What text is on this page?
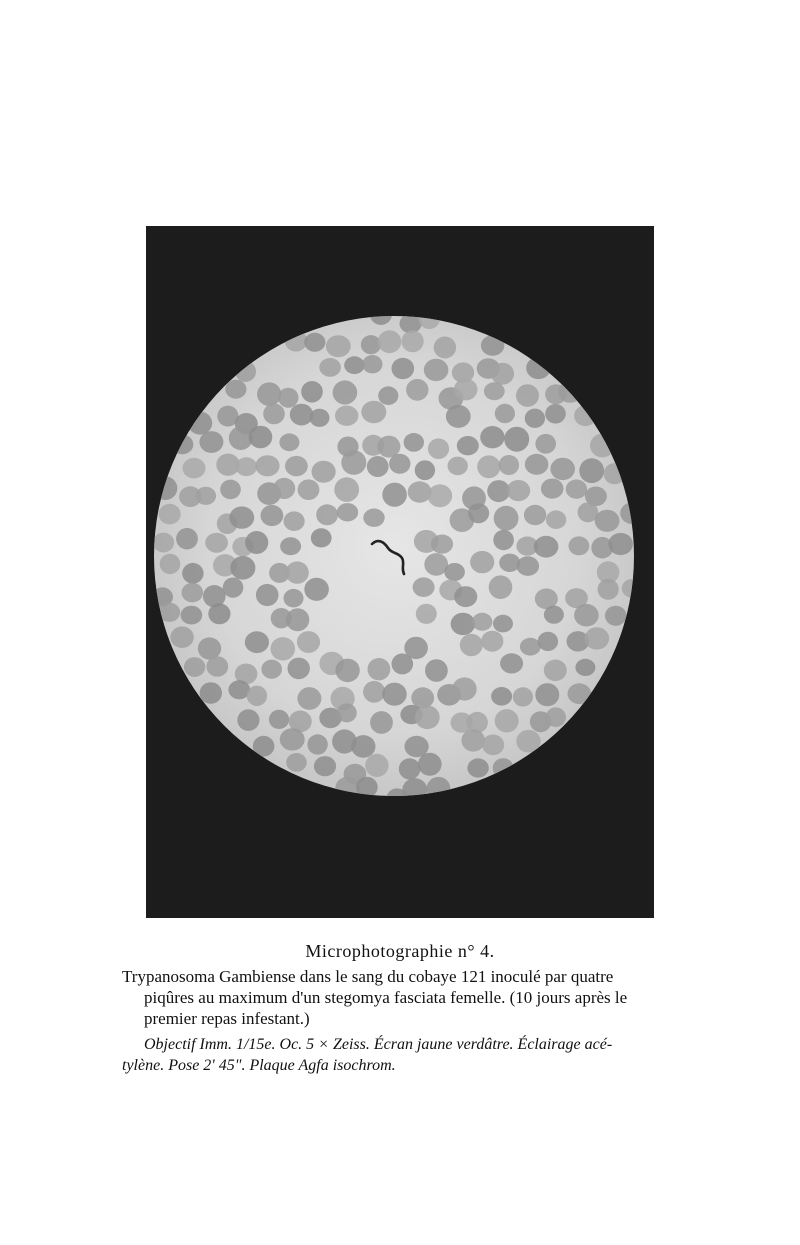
Microphotographie n° 4.
Trypanosoma Gambiense dans le sang du cobaye 121 inoculé par quatre
piqûres au maximum d'un stegomya fasciata femelle. (10 jours après le
premier repas infestant.)
Objectif Imm. 1/15e. Oc. 5 × Zeiss. Écran jaune verdâtre. Éclairage acé-
tylène. Pose 2' 45". Plaque Agfa isochrom.
